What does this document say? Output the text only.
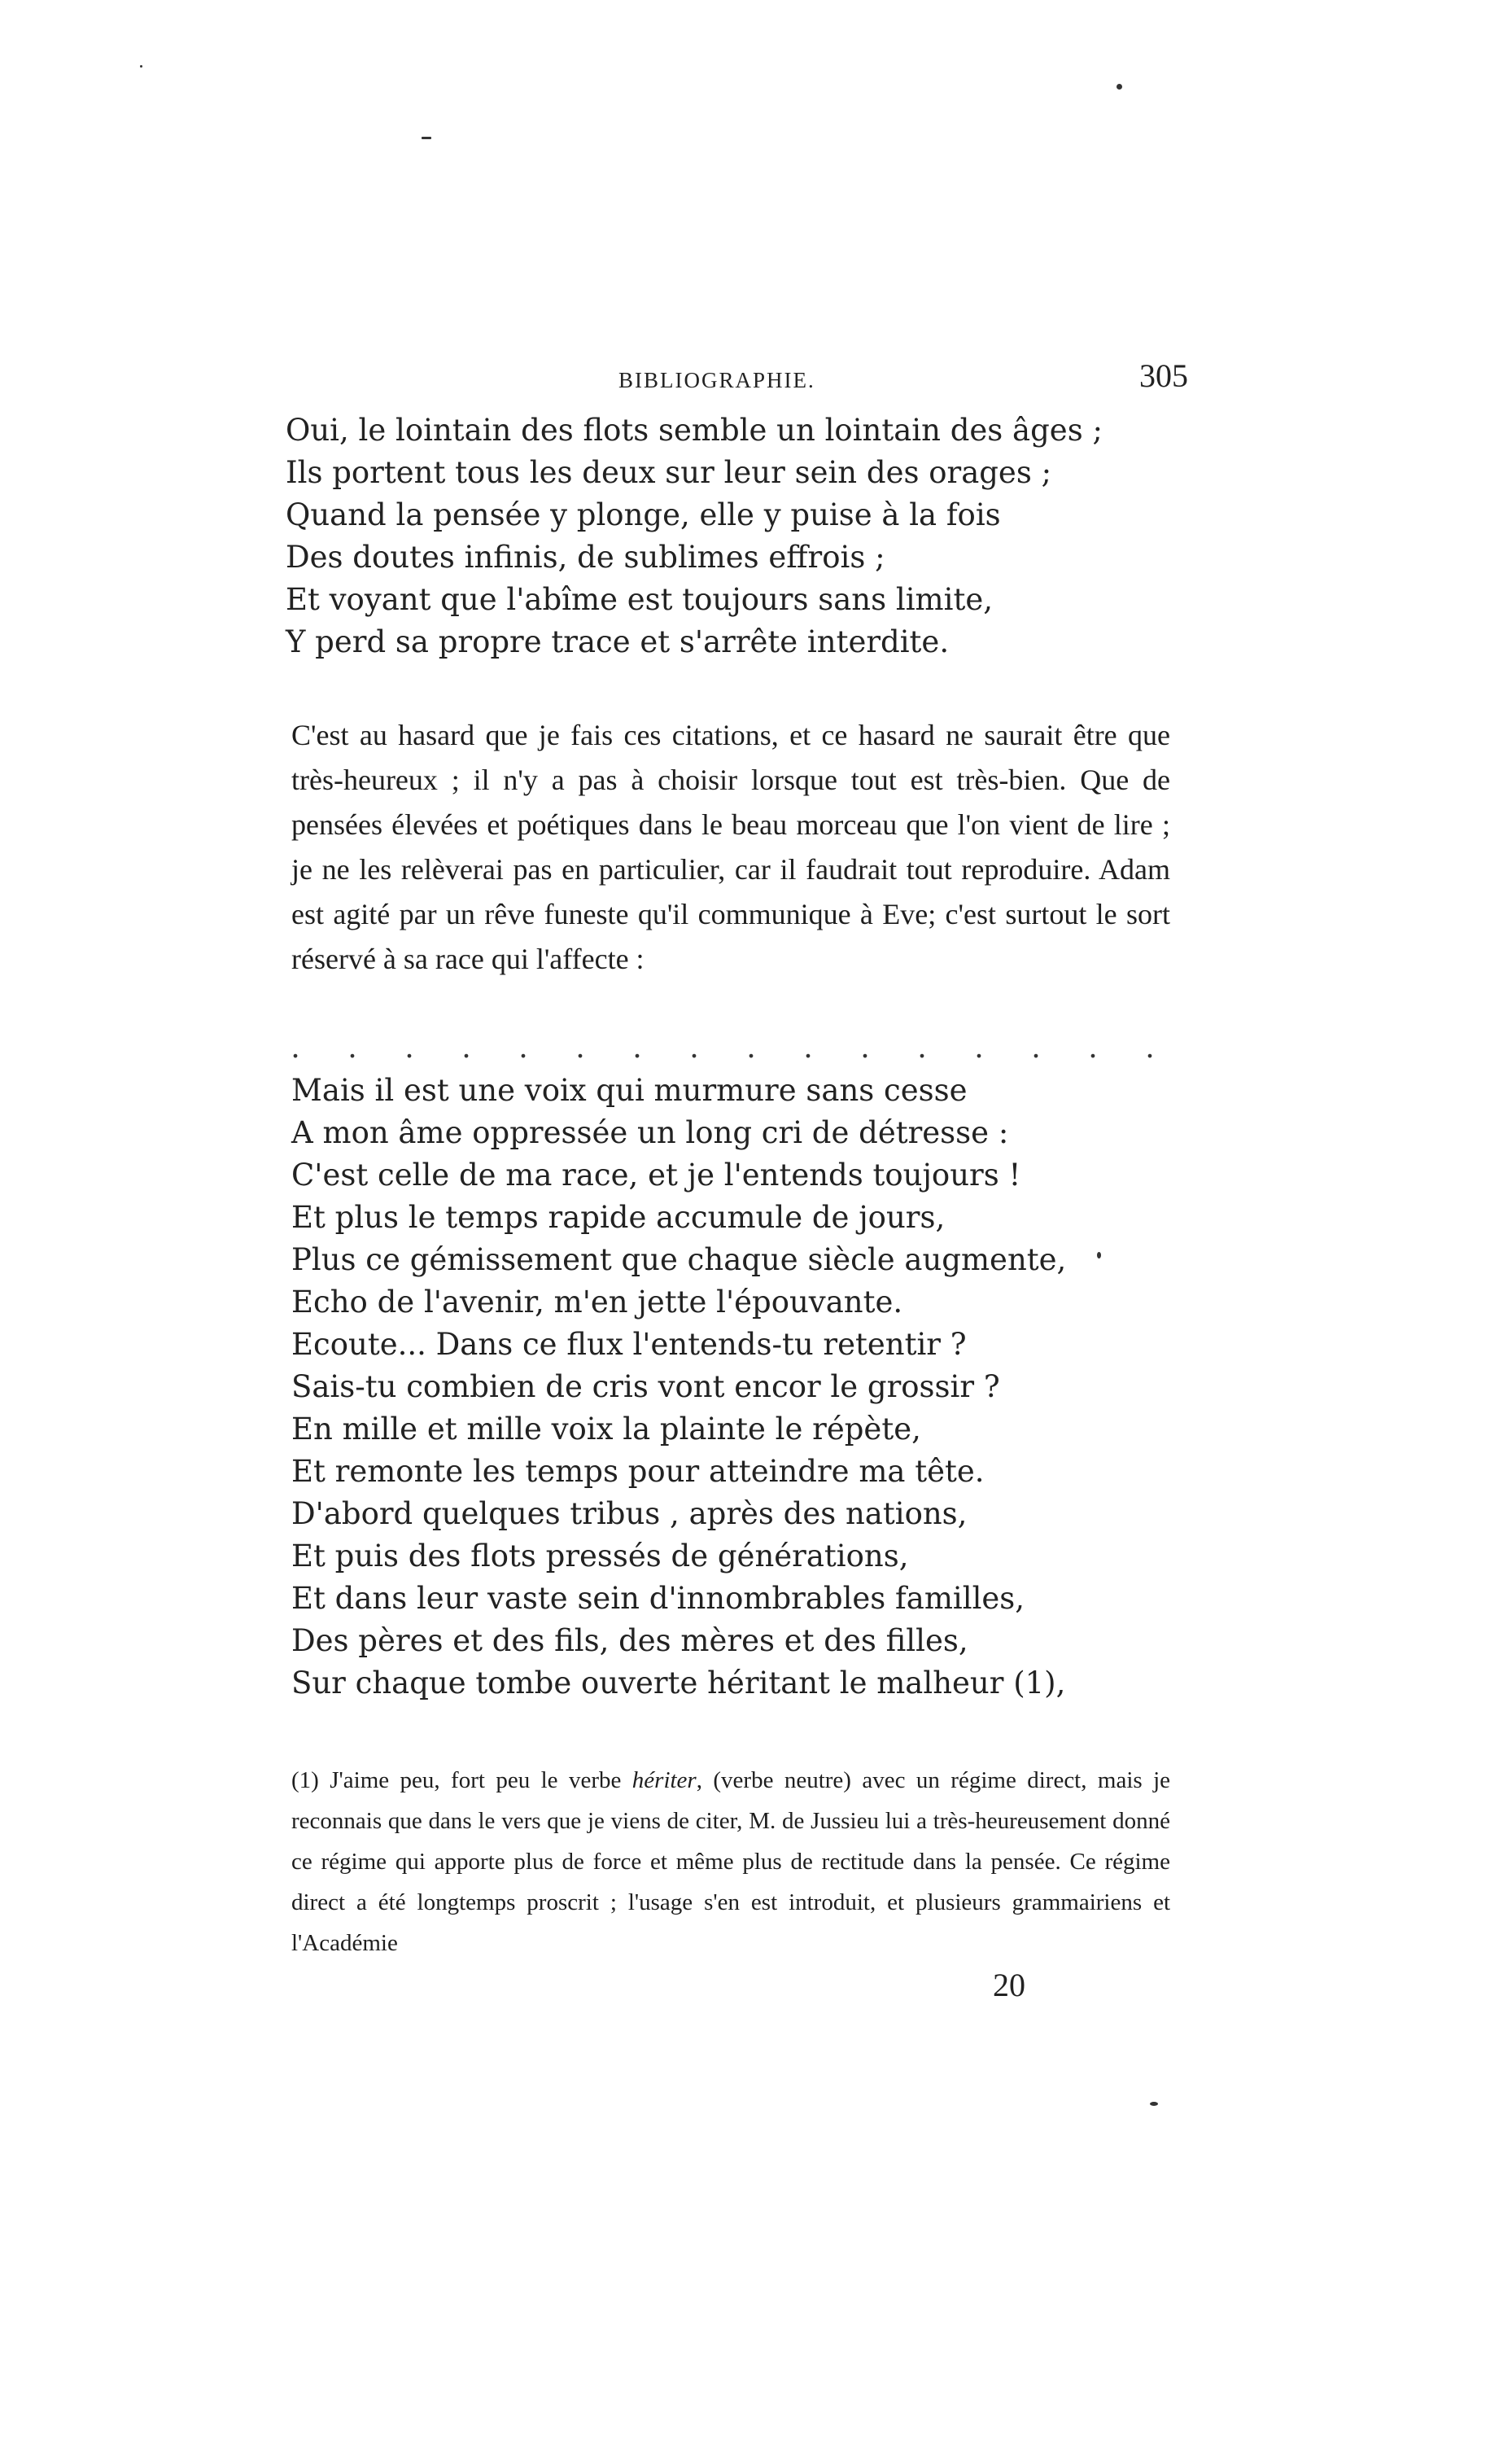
BIBLIOGRAPHIE.	305
Oui, le lointain des flots semble un lointain des âges ;
Ils portent tous les deux sur leur sein des orages ;
Quand la pensée y plonge, elle y puise à la fois
Des doutes infinis, de sublimes effrois ;
Et voyant que l'abîme est toujours sans limite,
Y perd sa propre trace et s'arrête interdite.
C'est au hasard que je fais ces citations, et ce hasard ne saurait être que très-heureux ; il n'y a pas à choisir lorsque tout est très-bien. Que de pensées élevées et poétiques dans le beau morceau que l'on vient de lire ; je ne les relèverai pas en particulier, car il faudrait tout reproduire. Adam est agité par un rêve funeste qu'il communique à Eve; c'est surtout le sort réservé à sa race qui l'affecte :
. . . . . . . . . . . . . . . .
Mais il est une voix qui murmure sans cesse
A mon âme oppressée un long cri de détresse :
C'est celle de ma race, et je l'entends toujours !
Et plus le temps rapide accumule de jours,
Plus ce gémissement que chaque siècle augmente,
Echo de l'avenir, m'en jette l'épouvante.
Ecoute... Dans ce flux l'entends-tu retentir ?
Sais-tu combien de cris vont encor le grossir ?
En mille et mille voix la plainte le répète,
Et remonte les temps pour atteindre ma tête.
D'abord quelques tribus , après des nations,
Et puis des flots pressés de générations,
Et dans leur vaste sein d'innombrables familles,
Des pères et des fils, des mères et des filles,
Sur chaque tombe ouverte héritant le malheur (1),
(1) J'aime peu, fort peu le verbe hériter, (verbe neutre) avec un régime direct, mais je reconnais que dans le vers que je viens de citer, M. de Jussieu lui a très-heureusement donné ce régime qui apporte plus de force et même plus de rectitude dans la pensée. Ce régime direct a été longtemps proscrit ; l'usage s'en est introduit, et plusieurs grammairiens et l'Académie
20
